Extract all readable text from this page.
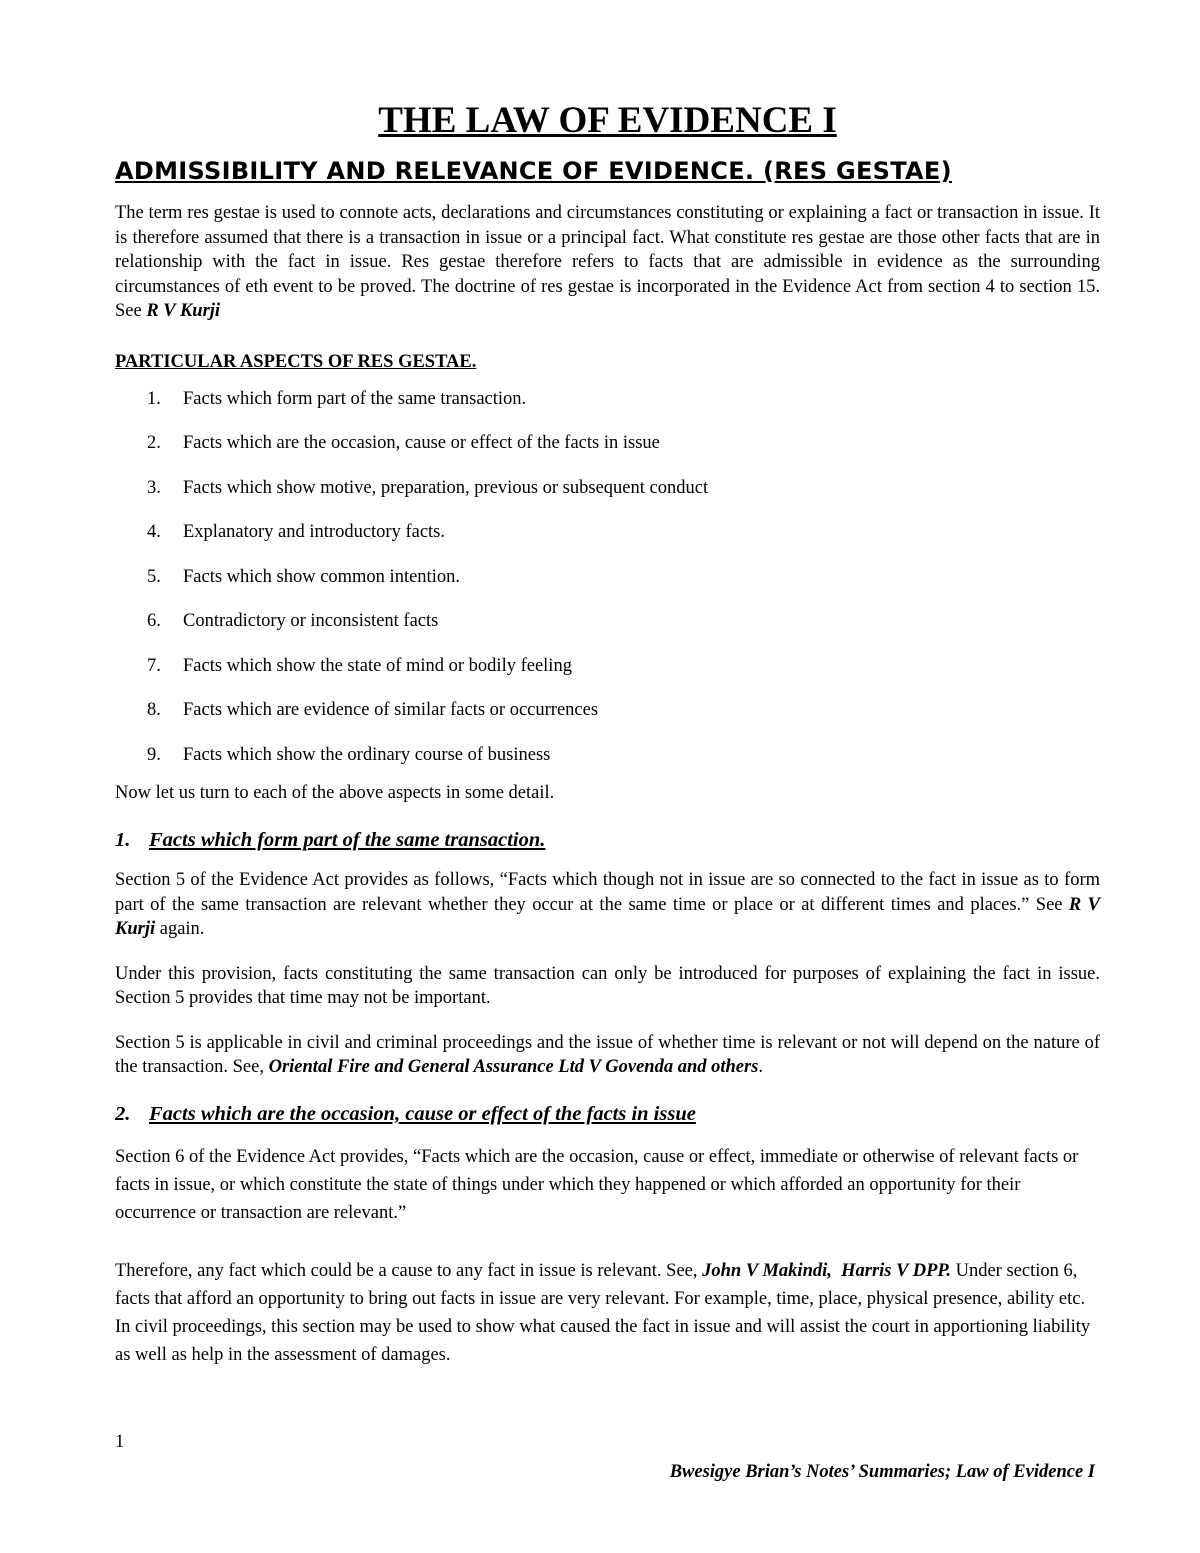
THE LAW OF EVIDENCE I
ADMISSIBILITY AND RELEVANCE OF EVIDENCE. (RES GESTAE)

The term res gestae is used to connote acts, declarations and circumstances constituting or explaining a fact or transaction in issue. It is therefore assumed that there is a transaction in issue or a principal fact. What constitute res gestae are those other facts that are in relationship with the fact in issue. Res gestae therefore refers to facts that are admissible in evidence as the surrounding circumstances of eth event to be proved. The doctrine of res gestae is incorporated in the Evidence Act from section 4 to section 15. See R V Kurji

PARTICULAR ASPECTS OF RES GESTAE.
1. Facts which form part of the same transaction.
2. Facts which are the occasion, cause or effect of the facts in issue
3. Facts which show motive, preparation, previous or subsequent conduct
4. Explanatory and introductory facts.
5. Facts which show common intention.
6. Contradictory or inconsistent facts
7. Facts which show the state of mind or bodily feeling
8. Facts which are evidence of similar facts or occurrences
9. Facts which show the ordinary course of business

Now let us turn to each of the above aspects in some detail.

1. Facts which form part of the same transaction.

Section 5 of the Evidence Act provides as follows, “Facts which though not in issue are so connected to the fact in issue as to form part of the same transaction are relevant whether they occur at the same time or place or at different times and places.” See R V Kurji again.

Under this provision, facts constituting the same transaction can only be introduced for purposes of explaining the fact in issue. Section 5 provides that time may not be important.

Section 5 is applicable in civil and criminal proceedings and the issue of whether time is relevant or not will depend on the nature of the transaction. See, Oriental Fire and General Assurance Ltd V Govenda and others.

2. Facts which are the occasion, cause or effect of the facts in issue

Section 6 of the Evidence Act provides, “Facts which are the occasion, cause or effect, immediate or otherwise of relevant facts or facts in issue, or which constitute the state of things under which they happened or which afforded an opportunity for their occurrence or transaction are relevant.”

Therefore, any fact which could be a cause to any fact in issue is relevant. See, John V Makindi, Harris V DPP. Under section 6, facts that afford an opportunity to bring out facts in issue are very relevant. For example, time, place, physical presence, ability etc. In civil proceedings, this section may be used to show what caused the fact in issue and will assist the court in apportioning liability as well as help in the assessment of damages.

1
Bwesigye Brian’s Notes’ Summaries; Law of Evidence I
